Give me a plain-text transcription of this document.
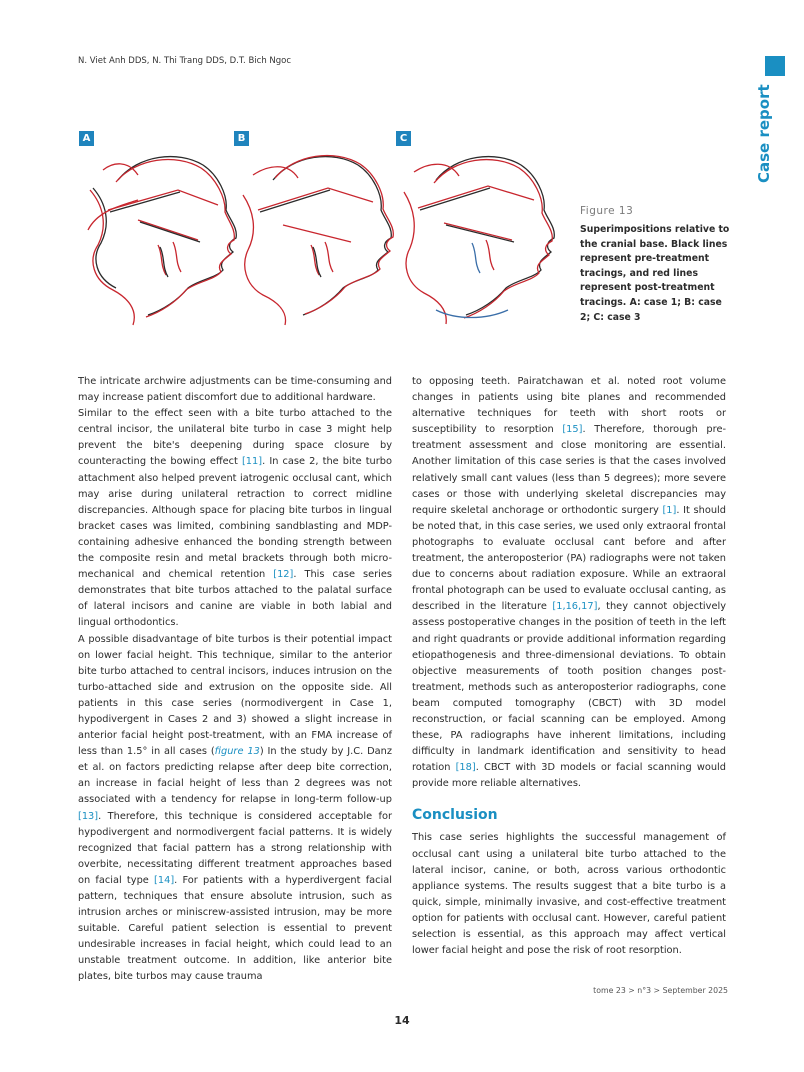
N. Viet Anh DDS, N. Thi Trang DDS, D.T. Bich Ngoc
Case report
A	B	C
Figure 13
Superimpositions relative to the cranial base. Black lines represent pre-treatment tracings, and red lines represent post-treatment tracings. A: case 1; B: case 2; C: case 3

The intricate archwire adjustments can be time-consuming and may increase patient discomfort due to additional hardware.

Similar to the effect seen with a bite turbo attached to the central incisor, the unilateral bite turbo in case 3 might help prevent the bite's deepening during space closure by counteracting the bowing effect [11]. In case 2, the bite turbo attachment also helped prevent iatrogenic occlusal cant, which may arise during unilateral retraction to correct midline discrepancies. Although space for placing bite turbos in lingual bracket cases was limited, combining sandblasting and MDP-containing adhesive enhanced the bonding strength between the composite resin and metal brackets through both micro-mechanical and chemical retention [12]. This case series demonstrates that bite turbos attached to the palatal surface of lateral incisors and canine are viable in both labial and lingual orthodontics.

A possible disadvantage of bite turbos is their potential impact on lower facial height. This technique, similar to the anterior bite turbo attached to central incisors, induces intrusion on the turbo-attached side and extrusion on the opposite side. All patients in this case series (normodivergent in Case 1, hypodivergent in Cases 2 and 3) showed a slight increase in anterior facial height post-treatment, with an FMA increase of less than 1.5° in all cases (figure 13) In the study by J.C. Danz et al. on factors predicting relapse after deep bite correction, an increase in facial height of less than 2 degrees was not associated with a tendency for relapse in long-term follow-up [13]. Therefore, this technique is considered acceptable for hypodivergent and normodivergent facial patterns. It is widely recognized that facial pattern has a strong relationship with overbite, necessitating different treatment approaches based on facial type [14]. For patients with a hyperdivergent facial pattern, techniques that ensure absolute intrusion, such as intrusion arches or miniscrew-assisted intrusion, may be more suitable. Careful patient selection is essential to prevent undesirable increases in facial height, which could lead to an unstable treatment outcome. In addition, like anterior bite plates, bite turbos may cause trauma

to opposing teeth. Pairatchawan et al. noted root volume changes in patients using bite planes and recommended alternative techniques for teeth with short roots or susceptibility to resorption [15]. Therefore, thorough pre-treatment assessment and close monitoring are essential. Another limitation of this case series is that the cases involved relatively small cant values (less than 5 degrees); more severe cases or those with underlying skeletal discrepancies may require skeletal anchorage or orthodontic surgery [1]. It should be noted that, in this case series, we used only extraoral frontal photographs to evaluate occlusal cant before and after treatment, the anteroposterior (PA) radiographs were not taken due to concerns about radiation exposure. While an extraoral frontal photograph can be used to evaluate occlusal canting, as described in the literature [1,16,17], they cannot objectively assess postoperative changes in the position of teeth in the left and right quadrants or provide additional information regarding etiopathogenesis and three-dimensional deviations. To obtain objective measurements of tooth position changes post-treatment, methods such as anteroposterior radiographs, cone beam computed tomography (CBCT) with 3D model reconstruction, or facial scanning can be employed. Among these, PA radiographs have inherent limitations, including difficulty in landmark identification and sensitivity to head rotation [18]. CBCT with 3D models or facial scanning would provide more reliable alternatives.

Conclusion

This case series highlights the successful management of occlusal cant using a unilateral bite turbo attached to the lateral incisor, canine, or both, across various orthodontic appliance systems. The results suggest that a bite turbo is a quick, simple, minimally invasive, and cost-effective treatment option for patients with occlusal cant. However, careful patient selection is essential, as this approach may affect vertical lower facial height and pose the risk of root resorption.

tome 23 > n°3 > September 2025
14
